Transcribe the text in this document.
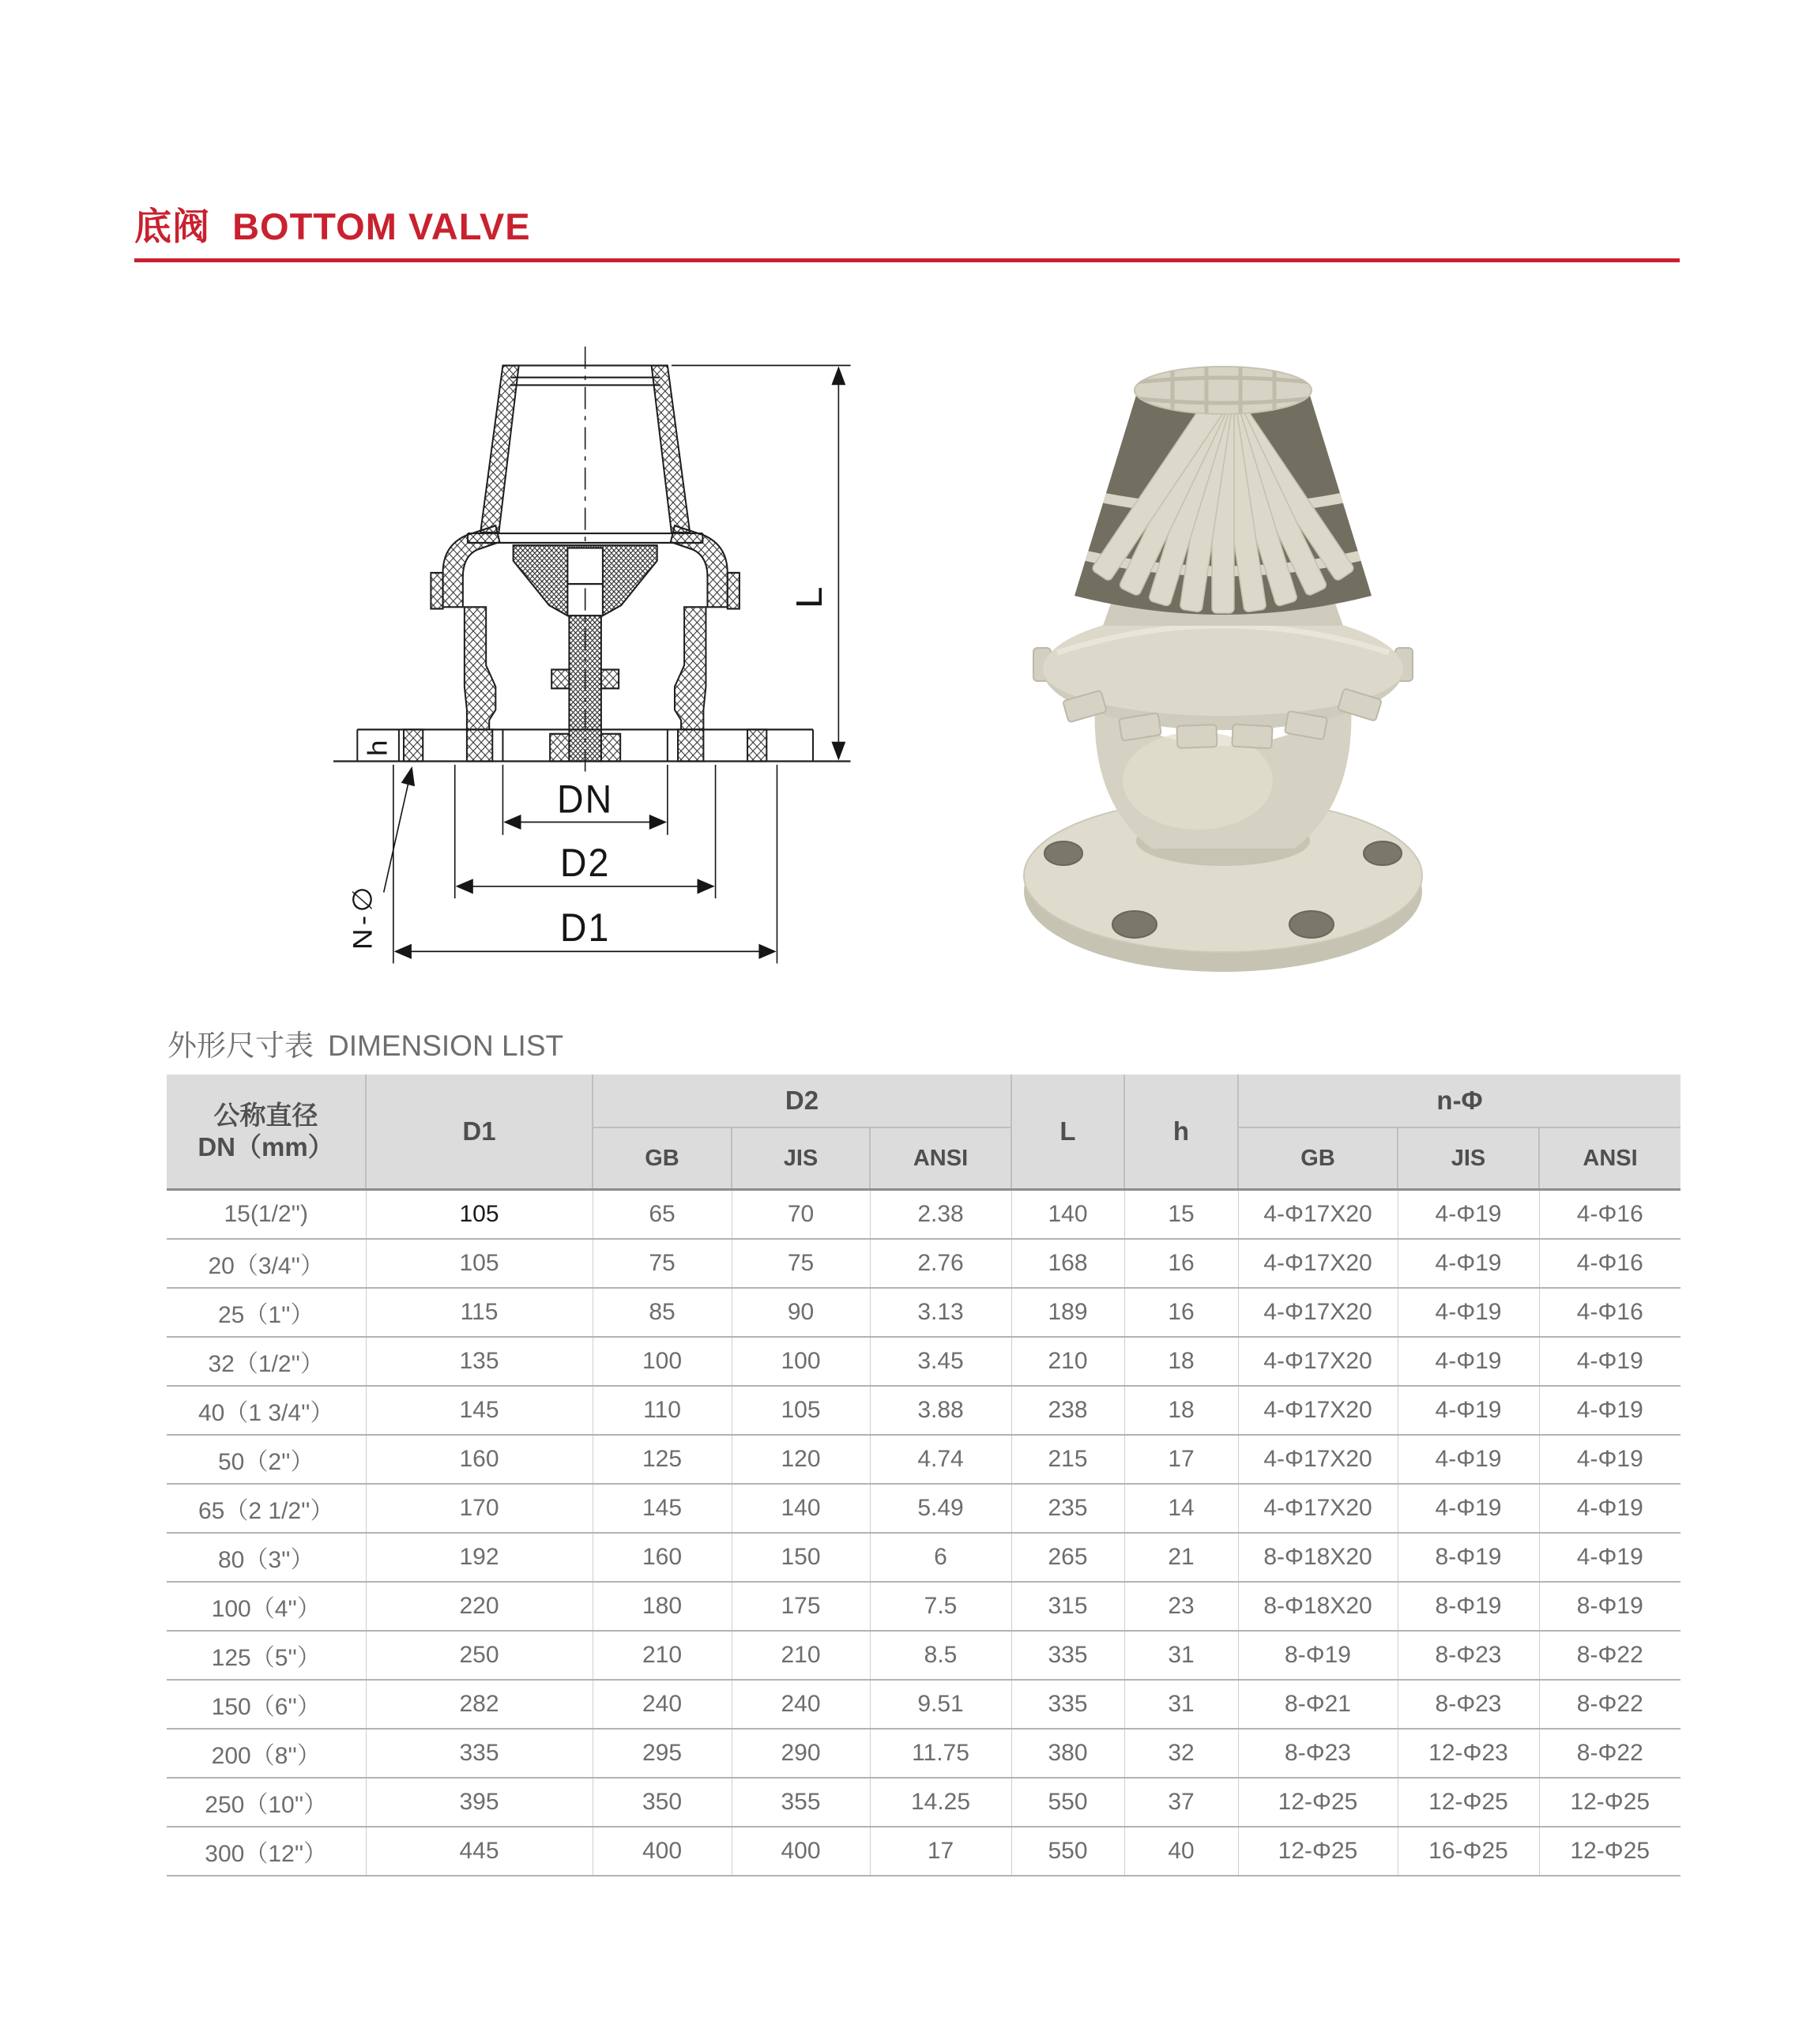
底阀 BOTTOM VALVE
DN
D2
D1
L
h
N-∅
外形尺寸表 DIMENSION LIST
公称直径
DN（mm）	D1	D2			L	h	n-Φ		
		GB	JIS	ANSI			GB	JIS	ANSI
15(1/2'')	105	65	70	2.38	140	15	4-Φ17X20	4-Φ19	4-Φ16
20（3/4''）	105	75	75	2.76	168	16	4-Φ17X20	4-Φ19	4-Φ16
25（1''）	115	85	90	3.13	189	16	4-Φ17X20	4-Φ19	4-Φ16
32（1/2''）	135	100	100	3.45	210	18	4-Φ17X20	4-Φ19	4-Φ19
40（1 3/4''）	145	110	105	3.88	238	18	4-Φ17X20	4-Φ19	4-Φ19
50（2''）	160	125	120	4.74	215	17	4-Φ17X20	4-Φ19	4-Φ19
65（2 1/2''）	170	145	140	5.49	235	14	4-Φ17X20	4-Φ19	4-Φ19
80（3''）	192	160	150	6	265	21	8-Φ18X20	8-Φ19	4-Φ19
100（4''）	220	180	175	7.5	315	23	8-Φ18X20	8-Φ19	8-Φ19
125（5''）	250	210	210	8.5	335	31	8-Φ19	8-Φ23	8-Φ22
150（6''）	282	240	240	9.51	335	31	8-Φ21	8-Φ23	8-Φ22
200（8''）	335	295	290	11.75	380	32	8-Φ23	12-Φ23	8-Φ22
250（10''）	395	350	355	14.25	550	37	12-Φ25	12-Φ25	12-Φ25
300（12''）	445	400	400	17	550	40	12-Φ25	16-Φ25	12-Φ25
